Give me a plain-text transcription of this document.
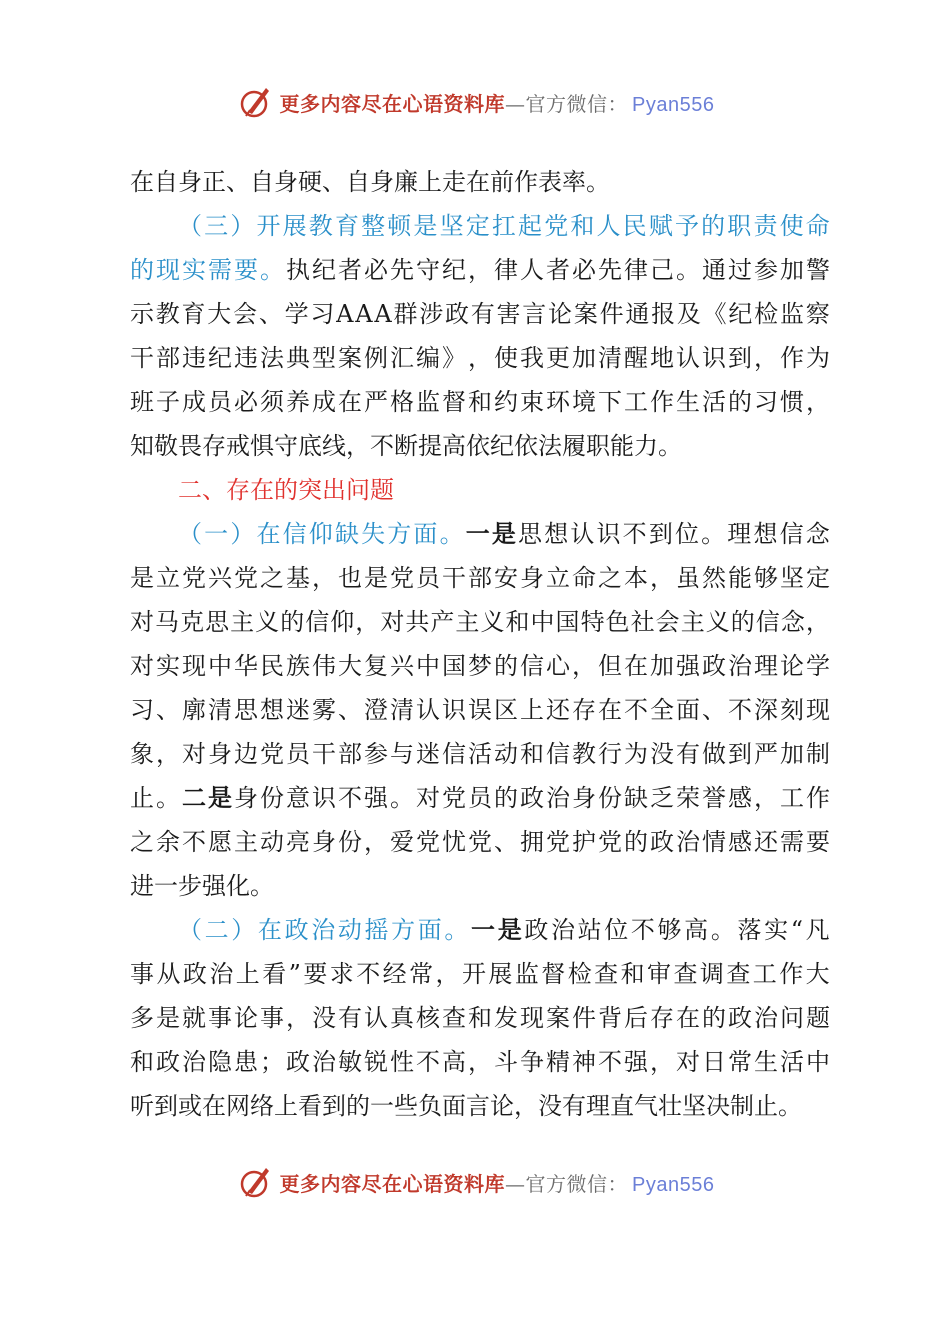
更多内容尽在心语资料库—官方微信： Pyan556
在 自 身 正 、 自 身 硬 、 自 身 廉 上 走 在 前 作 表 率 。
（ 三 ） 开 展 教 育 整 顿 是 坚 定 扛 起 党 和 人 民 赋 予 的 职 责 使 命
的 现 实 需 要 。 执 纪 者 必 先 守 纪 ， 律 人 者 必 先 律 己 。 通 过 参 加 警
示 教 育 大 会 、 学 习 A A A 群 涉 政 有 害 言 论 案 件 通 报 及 《 纪 检 监 察
干 部 违 纪 违 法 典 型 案 例 汇 编 》 ， 使 我 更 加 清 醒 地 认 识 到 ， 作 为
班 子 成 员 必 须 养 成 在 严 格 监 督 和 约 束 环 境 下 工 作 生 活 的 习 惯 ，
知 敬 畏 存 戒 惧 守 底 线 ， 不 断 提 高 依 纪 依 法 履 职 能 力 。
二 、 存 在 的 突 出 问 题
（ 一 ） 在 信 仰 缺 失 方 面 。 一 是 思 想 认 识 不 到 位 。 理 想 信 念
是 立 党 兴 党 之 基 ， 也 是 党 员 干 部 安 身 立 命 之 本 ， 虽 然 能 够 坚 定
对 马 克 思 主 义 的 信 仰 ， 对 共 产 主 义 和 中 国 特 色 社 会 主 义 的 信 念 ，
对 实 现 中 华 民 族 伟 大 复 兴 中 国 梦 的 信 心 ， 但 在 加 强 政 治 理 论 学
习 、 廓 清 思 想 迷 雾 、 澄 清 认 识 误 区 上 还 存 在 不 全 面 、 不 深 刻 现
象 ， 对 身 边 党 员 干 部 参 与 迷 信 活 动 和 信 教 行 为 没 有 做 到 严 加 制
止 。 二 是 身 份 意 识 不 强 。 对 党 员 的 政 治 身 份 缺 乏 荣 誉 感 ， 工 作
之 余 不 愿 主 动 亮 身 份 ， 爱 党 忧 党 、 拥 党 护 党 的 政 治 情 感 还 需 要
进 一 步 强 化 。
（ 二 ） 在 政 治 动 摇 方 面 。 一 是 政 治 站 位 不 够 高 。 落 实 “ 凡
事 从 政 治 上 看 ” 要 求 不 经 常 ， 开 展 监 督 检 查 和 审 查 调 查 工 作 大
多 是 就 事 论 事 ， 没 有 认 真 核 查 和 发 现 案 件 背 后 存 在 的 政 治 问 题
和 政 治 隐 患 ； 政 治 敏 锐 性 不 高 ， 斗 争 精 神 不 强 ， 对 日 常 生 活 中
听 到 或 在 网 络 上 看 到 的 一 些 负 面 言 论 ， 没 有 理 直 气 壮 坚 决 制 止 。
更多内容尽在心语资料库—官方微信： Pyan556
